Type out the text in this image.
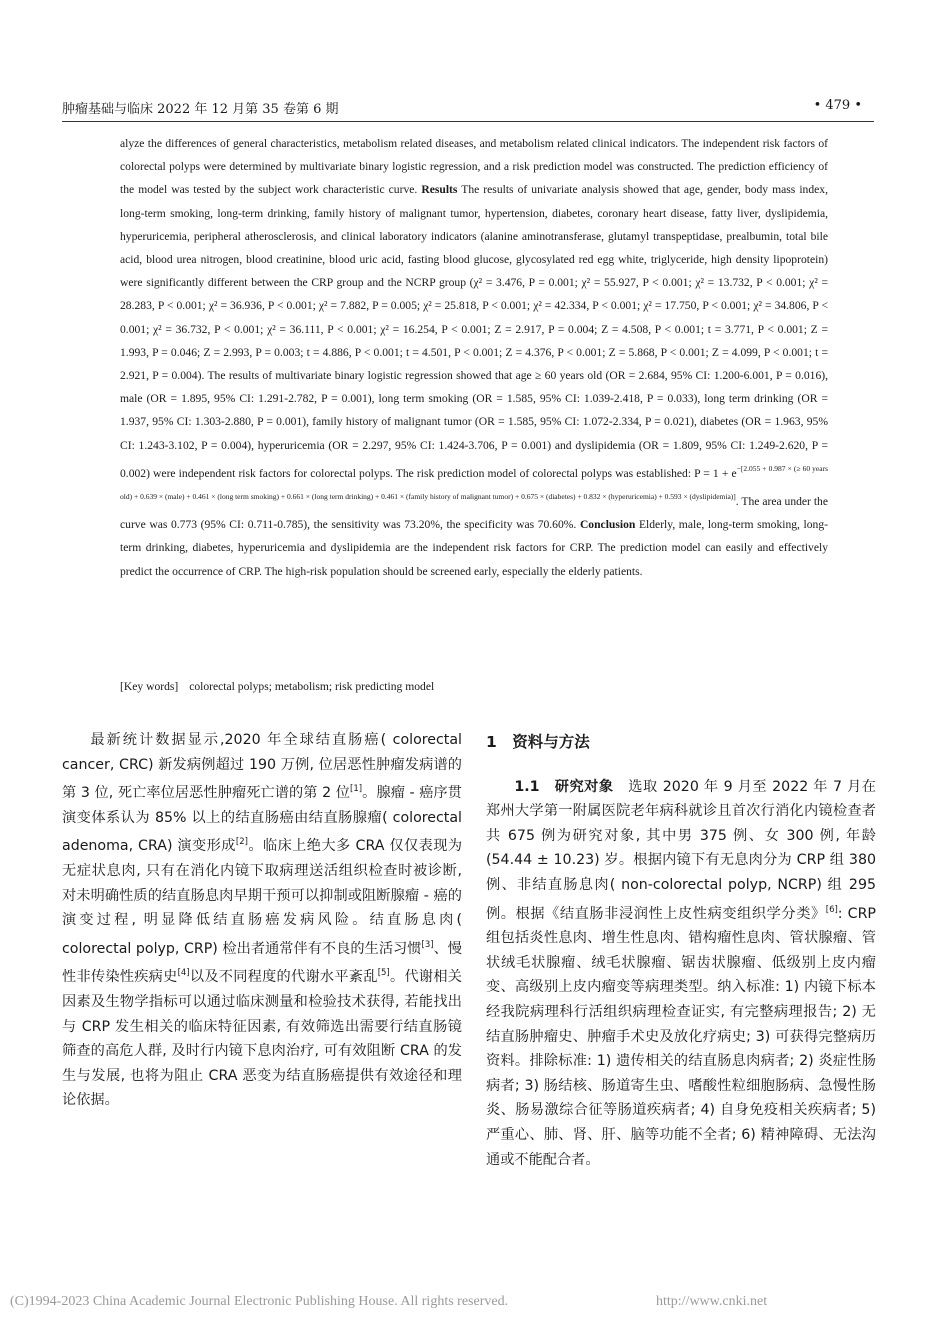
肿瘤基础与临床 2022 年 12 月第 35 卷第 6 期	• 479 •
alyze the differences of general characteristics, metabolism related diseases, and metabolism related clinical indicators. The independent risk factors of colorectal polyps were determined by multivariate binary logistic regression, and a risk prediction model was constructed. The prediction efficiency of the model was tested by the subject work characteristic curve. Results The results of univariate analysis showed that age, gender, body mass index, long-term smoking, long-term drinking, family history of malignant tumor, hypertension, diabetes, coronary heart disease, fatty liver, dyslipidemia, hyperuricemia, peripheral atherosclerosis, and clinical laboratory indicators (alanine aminotransferase, glutamyl transpeptidase, prealbumin, total bile acid, blood urea nitrogen, blood creatinine, blood uric acid, fasting blood glucose, glycosylated red egg white, triglyceride, high density lipoprotein) were significantly different between the CRP group and the NCRP group (χ² = 3.476, P = 0.001; χ² = 55.927, P < 0.001; χ² = 13.732, P < 0.001; χ² = 28.283, P < 0.001; χ² = 36.936, P < 0.001; χ² = 7.882, P = 0.005; χ² = 25.818, P < 0.001; χ² = 42.334, P < 0.001; χ² = 17.750, P < 0.001; χ² = 34.806, P < 0.001; χ² = 36.732, P < 0.001; χ² = 36.111, P < 0.001; χ² = 16.254, P < 0.001; Z = 2.917, P = 0.004; Z = 4.508, P < 0.001; t = 3.771, P < 0.001; Z = 1.993, P = 0.046; Z = 2.993, P = 0.003; t = 4.886, P < 0.001; t = 4.501, P < 0.001; Z = 4.376, P < 0.001; Z = 5.868, P < 0.001; Z = 4.099, P < 0.001; t = 2.921, P = 0.004). The results of multivariate binary logistic regression showed that age ≥ 60 years old (OR = 2.684, 95% CI: 1.200-6.001, P = 0.016), male (OR = 1.895, 95% CI: 1.291-2.782, P = 0.001), long term smoking (OR = 1.585, 95% CI: 1.039-2.418, P = 0.033), long term drinking (OR = 1.937, 95% CI: 1.303-2.880, P = 0.001), family history of malignant tumor (OR = 1.585, 95% CI: 1.072-2.334, P = 0.021), diabetes (OR = 1.963, 95% CI: 1.243-3.102, P = 0.004), hyperuricemia (OR = 2.297, 95% CI: 1.424-3.706, P = 0.001) and dyslipidemia (OR = 1.809, 95% CI: 1.249-2.620, P = 0.002) were independent risk factors for colorectal polyps. The risk prediction model of colorectal polyps was established: $P = 1 + e^{-[2.055 + 0.987 \times (\ge 60 years old) + 0.639 \times (male) + 0.461 \times (long term smoking) + 0.661 \times (long term drinking) + 0.461 \times (family history of malignant tumor) + 0.675 \times (diabetes) + 0.832 \times (hyperuricemia) + 0.593 \times (dyslipidemia)]}$. The area under the curve was 0.773 (95% CI: 0.711-0.785), the sensitivity was 73.20%, the specificity was 70.60%. Conclusion Elderly, male, long-term smoking, long-term drinking, diabetes, hyperuricemia and dyslipidemia are the independent risk factors for CRP. The prediction model can easily and effectively predict the occurrence of CRP. The high-risk population should be screened early, especially the elderly patients.
[Key words] colorectal polyps; metabolism; risk predicting model
最新统计数据显示,2020 年全球结直肠癌( colorectal cancer, CRC) 新发病例超过 190 万例, 位居恶性肿瘤发病谱的第 3 位, 死亡率位居恶性肿瘤死亡谱的第 2 位[1]。腺瘤 - 癌序贯演变体系认为 85% 以上的结直肠癌由结直肠腺瘤( colorectal adenoma, CRA) 演变形成[2]。临床上绝大多 CRA 仅仅表现为无症状息肉, 只有在消化内镜下取病理送活组织检查时被诊断, 对未明确性质的结直肠息肉早期干预可以抑制或阻断腺瘤 - 癌的演变过程, 明显降低结直肠癌发病风险。结直肠息肉( colorectal polyp, CRP) 检出者通常伴有不良的生活习惯[3]、慢性非传染性疾病史[4]以及不同程度的代谢水平紊乱[5]。代谢相关因素及生物学指标可以通过临床测量和检验技术获得, 若能找出与 CRP 发生相关的临床特征因素, 有效筛选出需要行结直肠镜筛查的高危人群, 及时行内镜下息肉治疗, 可有效阻断 CRA 的发生与发展, 也将为阻止 CRA 恶变为结直肠癌提供有效途径和理论依据。
1　资料与方法
1.1　研究对象　选取 2020 年 9 月至 2022 年 7 月在郑州大学第一附属医院老年病科就诊且首次行消化内镜检查者共 675 例为研究对象, 其中男 375 例、女 300 例, 年龄(54.44 ± 10.23) 岁。根据内镜下有无息肉分为 CRP 组 380 例、非结直肠息肉( non-colorectal polyp, NCRP) 组 295 例。根据《结直肠非浸润性上皮性病变组织学分类》[6]: CRP 组包括炎性息肉、增生性息肉、错构瘤性息肉、管状腺瘤、管状绒毛状腺瘤、绒毛状腺瘤、锯齿状腺瘤、低级别上皮内瘤变、高级别上皮内瘤变等病理类型。纳入标准: 1) 内镜下标本经我院病理科行活组织病理检查证实, 有完整病理报告; 2) 无结直肠肿瘤史、肿瘤手术史及放化疗病史; 3) 可获得完整病历资料。排除标准: 1) 遗传相关的结直肠息肉病者; 2) 炎症性肠病者; 3) 肠结核、肠道寄生虫、嗜酸性粒细胞肠病、急慢性肠炎、肠易激综合征等肠道疾病者; 4) 自身免疫相关疾病者; 5) 严重心、肺、肾、肝、脑等功能不全者; 6) 精神障碍、无法沟通或不能配合者。
(C)1994-2023 China Academic Journal Electronic Publishing House. All rights reserved.	http://www.cnki.net
